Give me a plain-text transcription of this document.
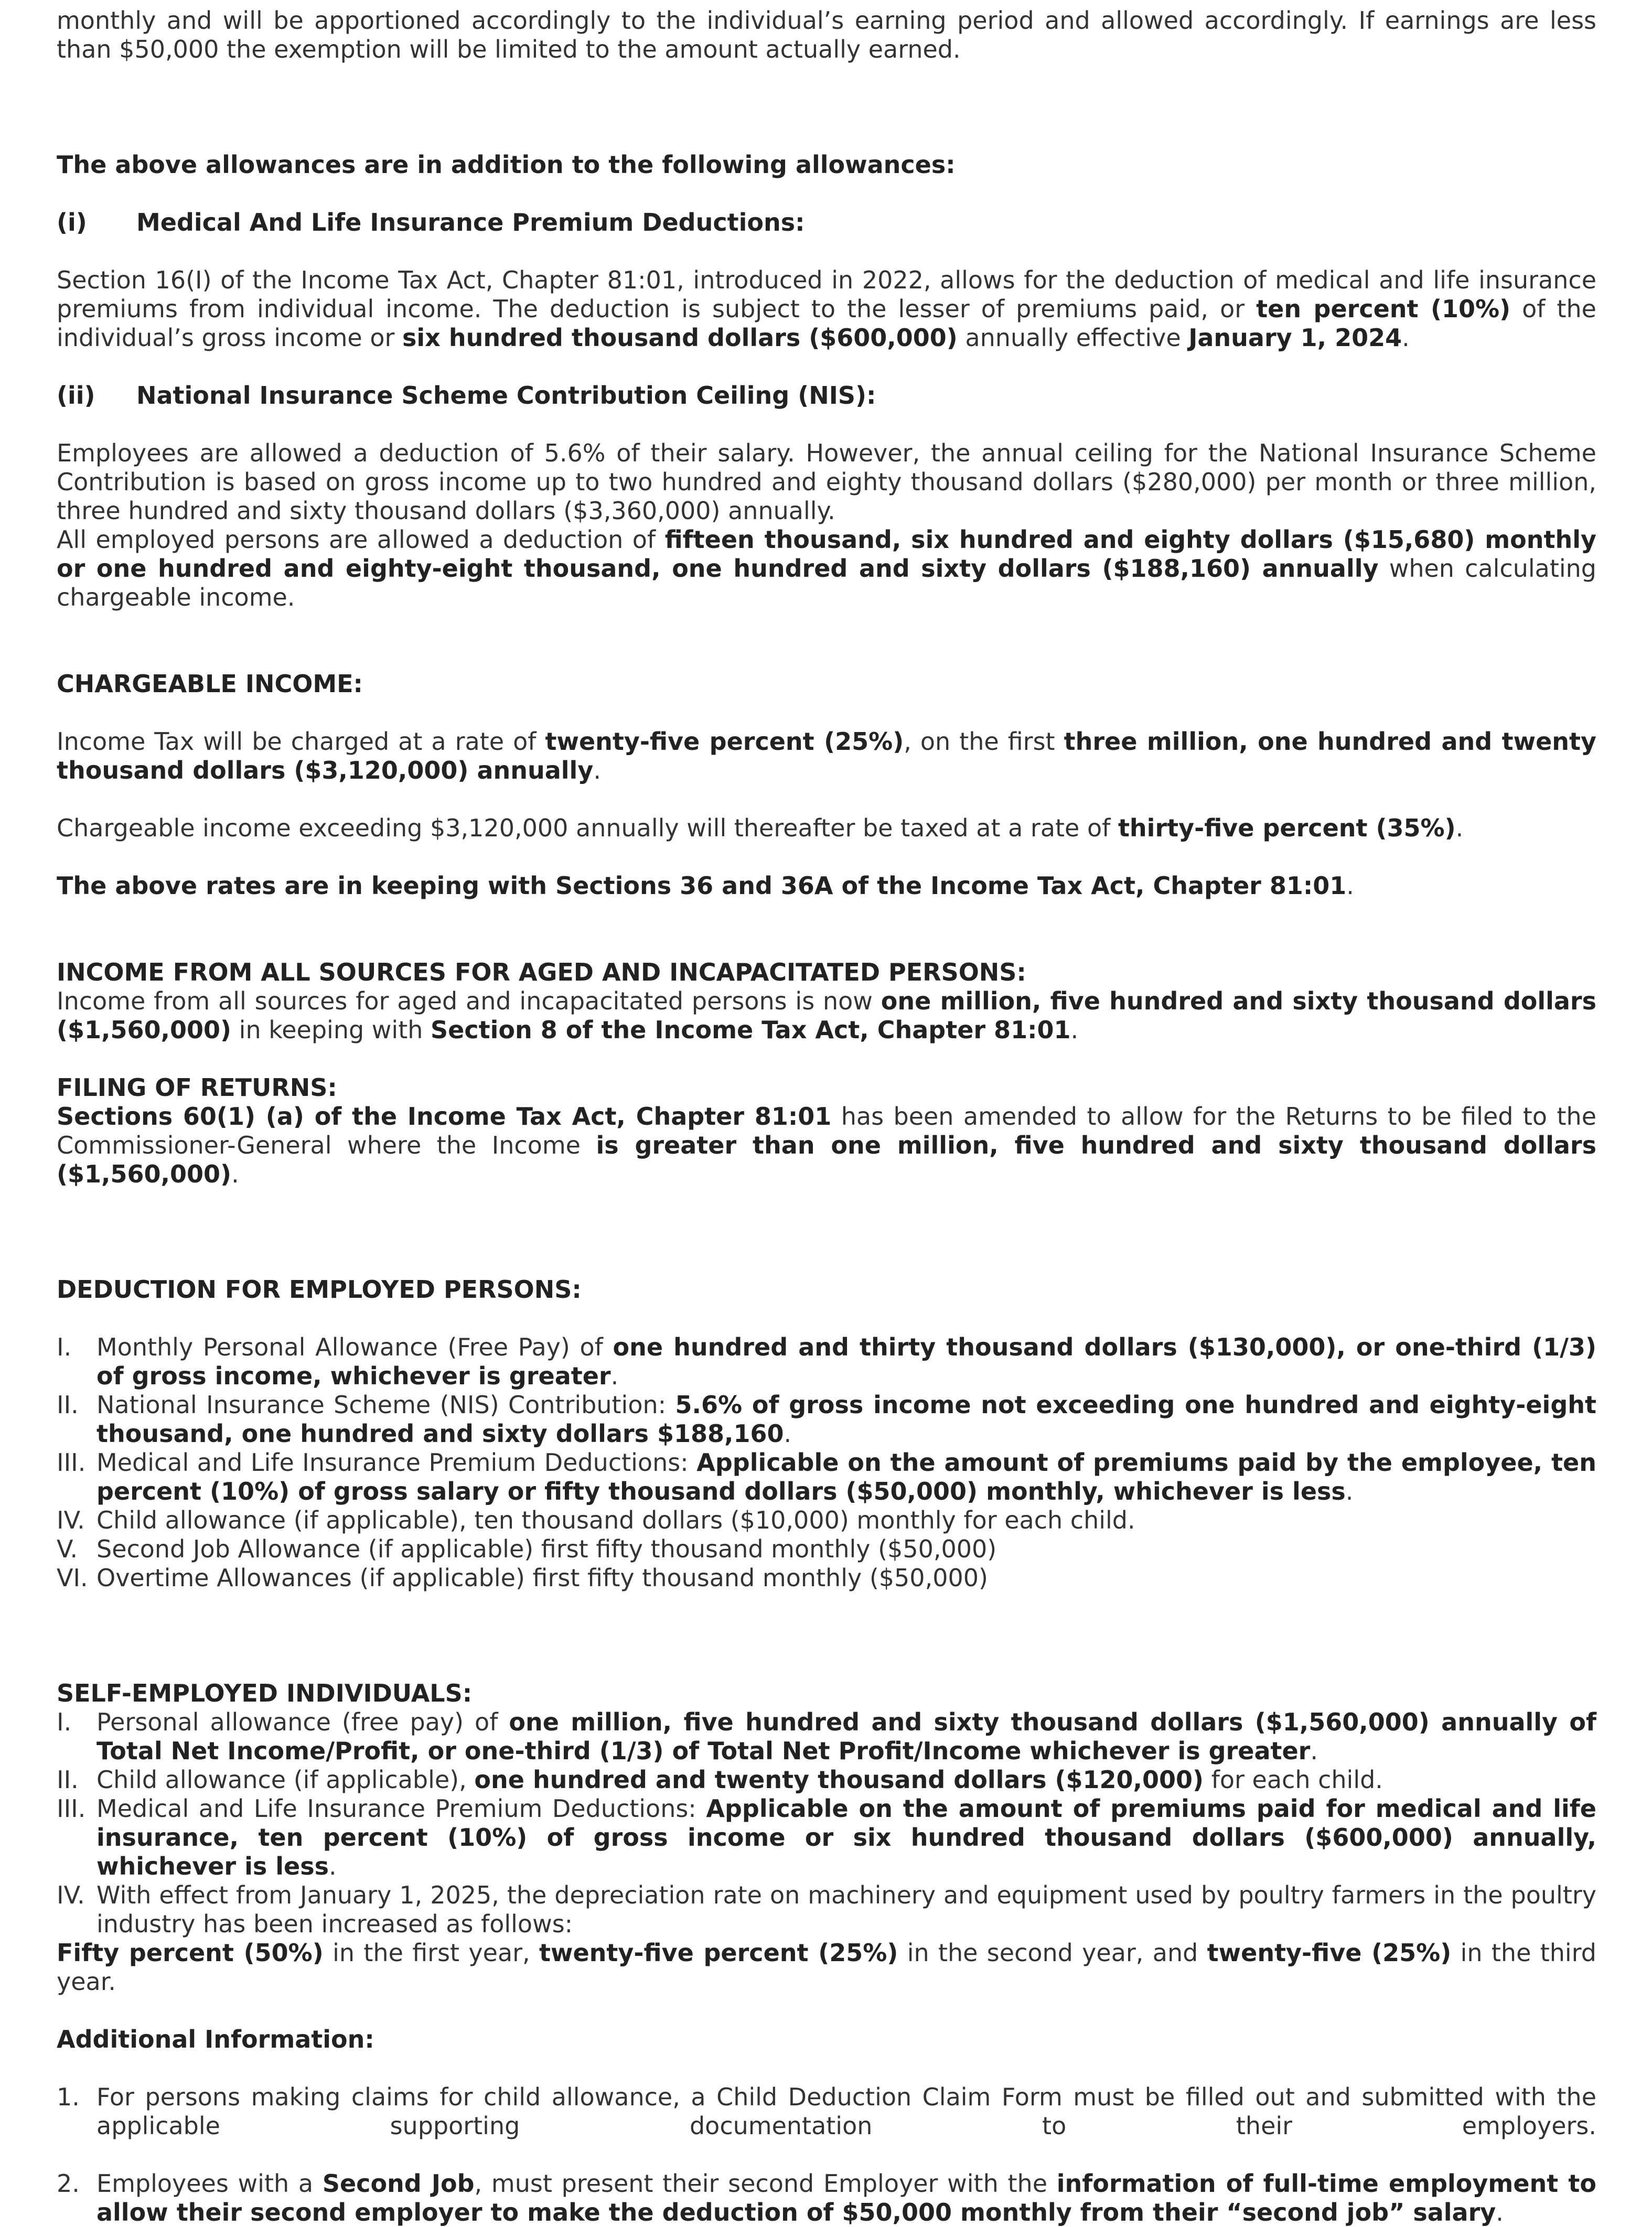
monthly and will be apportioned accordingly to the individual’s earning period and allowed accordingly. If earnings are less than $50,000 the exemption will be limited to the amount actually earned.

The above allowances are in addition to the following allowances:

(i)	Medical And Life Insurance Premium Deductions:

Section 16(I) of the Income Tax Act, Chapter 81:01, introduced in 2022, allows for the deduction of medical and life insurance premiums from individual income. The deduction is subject to the lesser of premiums paid, or ten percent (10%) of the individual’s gross income or six hundred thousand dollars ($600,000) annually effective January 1, 2024.

(ii)	National Insurance Scheme Contribution Ceiling (NIS):

Employees are allowed a deduction of 5.6% of their salary. However, the annual ceiling for the National Insurance Scheme Contribution is based on gross income up to two hundred and eighty thousand dollars ($280,000) per month or three million, three hundred and sixty thousand dollars ($3,360,000) annually.

All employed persons are allowed a deduction of fifteen thousand, six hundred and eighty dollars ($15,680) monthly or one hundred and eighty-eight thousand, one hundred and sixty dollars ($188,160) annually when calculating chargeable income.

CHARGEABLE INCOME:

Income Tax will be charged at a rate of twenty-five percent (25%), on the first three million, one hundred and twenty thousand dollars ($3,120,000) annually.

Chargeable income exceeding $3,120,000 annually will thereafter be taxed at a rate of thirty-five percent (35%).

The above rates are in keeping with Sections 36 and 36A of the Income Tax Act, Chapter 81:01.

INCOME FROM ALL SOURCES FOR AGED AND INCAPACITATED PERSONS:

Income from all sources for aged and incapacitated persons is now one million, five hundred and sixty thousand dollars ($1,560,000) in keeping with Section 8 of the Income Tax Act, Chapter 81:01.

FILING OF RETURNS:

Sections 60(1) (a) of the Income Tax Act, Chapter 81:01 has been amended to allow for the Returns to be filed to the Commissioner-General where the Income is greater than one million, five hundred and sixty thousand dollars ($1,560,000).

DEDUCTION FOR EMPLOYED PERSONS:

I.	Monthly Personal Allowance (Free Pay) of one hundred and thirty thousand dollars ($130,000), or one-third (1/3) of gross income, whichever is greater.
II. National Insurance Scheme (NIS) Contribution: 5.6% of gross income not exceeding one hundred and eighty-eight thousand, one hundred and sixty dollars $188,160.
III. Medical and Life Insurance Premium Deductions: Applicable on the amount of premiums paid by the employee, ten percent (10%) of gross salary or fifty thousand dollars ($50,000) monthly, whichever is less.
IV. Child allowance (if applicable), ten thousand dollars ($10,000) monthly for each child.
V. Second Job Allowance (if applicable) first fifty thousand monthly ($50,000)
VI. Overtime Allowances (if applicable) first fifty thousand monthly ($50,000)

SELF-EMPLOYED INDIVIDUALS:

I.	Personal allowance (free pay) of one million, five hundred and sixty thousand dollars ($1,560,000) annually of Total Net Income/Profit, or one-third (1/3) of Total Net Profit/Income whichever is greater.
II. Child allowance (if applicable), one hundred and twenty thousand dollars ($120,000) for each child.
III. Medical and Life Insurance Premium Deductions: Applicable on the amount of premiums paid for medical and life insurance, ten percent (10%) of gross income or six hundred thousand dollars ($600,000) annually, whichever is less.
IV. With effect from January 1, 2025, the depreciation rate on machinery and equipment used by poultry farmers in the poultry industry has been increased as follows:

Fifty percent (50%) in the first year, twenty-five percent (25%) in the second year, and twenty-five (25%) in the third year.

Additional Information:

1. For persons making claims for child allowance, a Child Deduction Claim Form must be filled out and submitted with the applicable supporting documentation to their employers.
2. Employees with a Second Job, must present their second Employer with the information of full-time employment to allow their second employer to make the deduction of $50,000 monthly from their “second job” salary.
